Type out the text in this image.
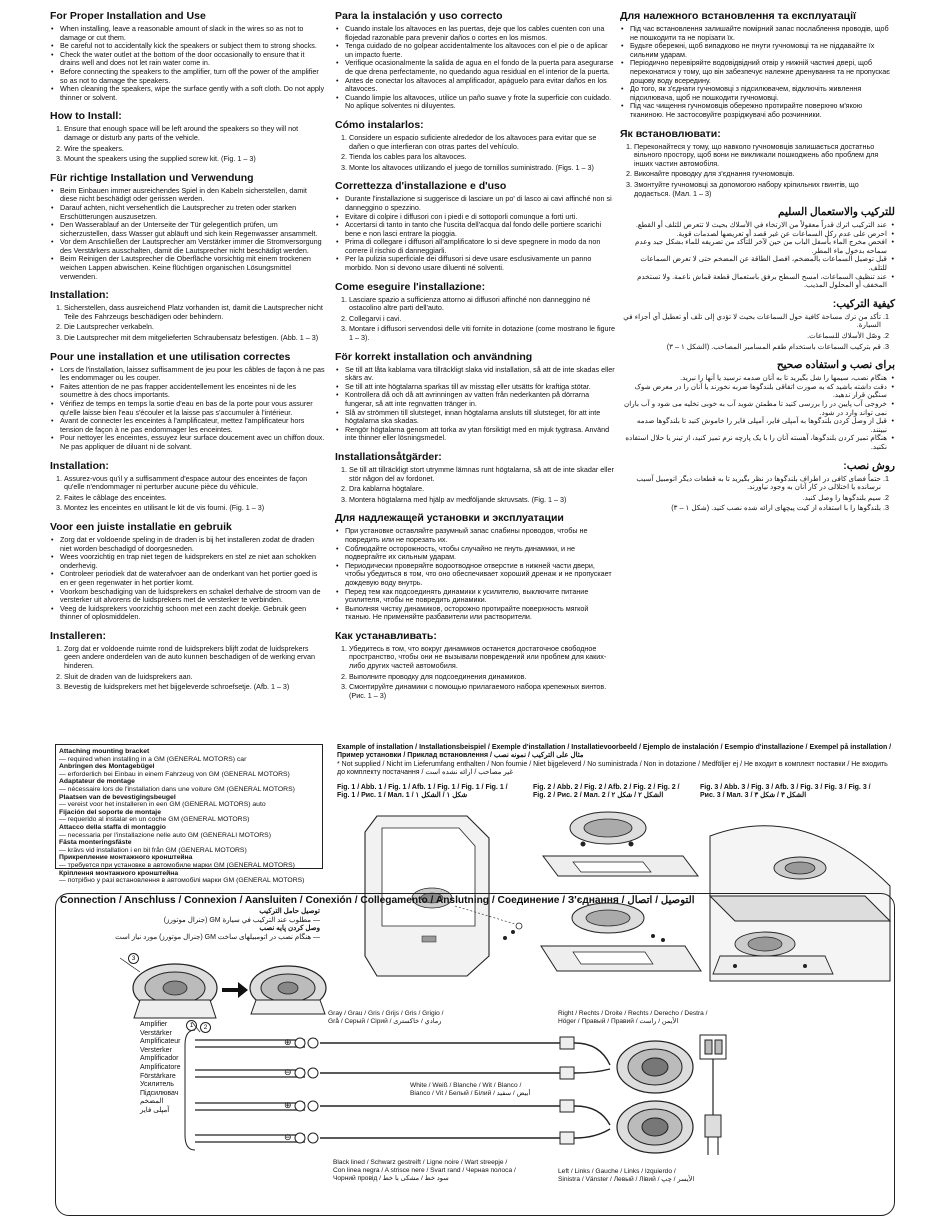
For Proper Installation and Use
• When installing, leave a reasonable amount of slack in the wires so as not to damage or cut them.
• Be careful not to accidentally kick the speakers or subject them to strong shocks.
• Check the water outlet at the bottom of the door occasionally to ensure that it drains well and does not let rain water come in.
• Before connecting the speakers to the amplifier, turn off the power of the amplifier so as not to damage the speakers.
• When cleaning the speakers, wipe the surface gently with a soft cloth. Do not apply thinner or solvent.
How to Install:
1. Ensure that enough space will be left around the speakers so they will not damage or disturb any parts of the vehicle.
2. Wire the speakers.
3. Mount the speakers using the supplied screw kit. (Fig. 1 – 3)
Für richtige Installation und Verwendung
• Beim Einbauen immer ausreichendes Spiel in den Kabeln sicherstellen, damit diese nicht beschädigt oder gerissen werden.
• Darauf achten, nicht versehentlich die Lautsprecher zu treten oder starken Erschütterungen auszusetzen.
• Den Wasserablauf an der Unterseite der Tür gelegentlich prüfen, um sicherzustellen, dass Wasser gut abläuft und sich kein Regenwasser ansammelt.
• Vor dem Anschließen der Lautsprecher am Verstärker immer die Stromversorgung des Verstärkers ausschalten, damit die Lautsprecher nicht beschädigt werden.
• Beim Reinigen der Lautsprecher die Oberfläche vorsichtig mit einem trockenen weichen Lappen abwischen. Keine flüchtigen organischen Lösungsmittel verwenden.
Installation:
1. Sicherstellen, dass ausreichend Platz vorhanden ist, damit die Lautsprecher nicht Teile des Fahrzeugs beschädigen oder behindern.
2. Die Lautsprecher verkabeln.
3. Die Lautsprecher mit dem mitgelieferten Schraubensatz befestigen. (Abb. 1 – 3)
Pour une installation et une utilisation correctes
• Lors de l'installation, laissez suffisamment de jeu pour les câbles de façon à ne pas les endommager ou les couper.
• Faites attention de ne pas frapper accidentellement les enceintes ni de les soumettre à des chocs importants.
• Vérifiez de temps en temps la sortie d'eau en bas de la porte pour vous assurer qu'elle laisse bien l'eau s'écouler et la laisse pas s'accumuler à l'intérieur.
• Avant de connecter les enceintes à l'amplificateur, mettez l'amplificateur hors tension de façon à ne pas endommager les enceintes.
• Pour nettoyer les enceintes, essuyez leur surface doucement avec un chiffon doux. Ne pas appliquer de diluant ni de solvant.
Installation:
1. Assurez-vous qu'il y a suffisamment d'espace autour des enceintes de façon qu'elle n'endommager ni perturber aucune pièce du véhicule.
2. Faites le câblage des enceintes.
3. Montez les enceintes en utilisant le kit de vis fourni. (Fig. 1 – 3)
Voor een juiste installatie en gebruik
• Zorg dat er voldoende speling in de draden is bij het installeren zodat de draden niet worden beschadigd of doorgesneden.
• Wees voorzichtig en trap niet tegen de luidsprekers en stel ze niet aan schokken onderhevig.
• Controleer periodiek dat de waterafvoer aan de onderkant van het portier goed is en er geen regenwater in het portier komt.
• Voorkom beschadiging van de luidsprekers en schakel derhalve de stroom van de versterker uit alvorens de luidsprekers met de versterker te verbinden.
• Veeg de luidsprekers voorzichtig schoon met een zacht doekje. Gebruik geen thinner of oplosmiddelen.
Installeren:
1. Zorg dat er voldoende ruimte rond de luidsprekers blijft zodat de luidsprekers geen andere onderdelen van de auto kunnen beschadigen of de werking ervan hinderen.
2. Sluit de draden van de luidsprekers aan.
3. Bevestig de luidsprekers met het bijgeleverde schroefsetje. (Afb. 1 – 3)
Para la instalación y uso correcto
• Cuando instale los altavoces en las puertas, deje que los cables cuenten con una flojedad razonable para prevenir daños o cortes en los mismos.
• Tenga cuidado de no golpear accidentalmente los altavoces con el pie o de aplicar un impacto fuerte.
• Verifique ocasionalmente la salida de agua en el fondo de la puerta para asegurarse de que drena perfectamente, no quedando agua residual en el interior de la puerta.
• Antes de conectar los altavoces al amplificador, apáguelo para evitar daños en los altavoces.
• Cuando limpie los altavoces, utilice un paño suave y frote la superficie con cuidado. No aplique solventes ni diluyentes.
Cómo instalarlos:
1. Considere un espacio suficiente alrededor de los altavoces para evitar que se dañen o que interfieran con otras partes del vehículo.
2. Tienda los cables para los altavoces.
3. Monte los altavoces utilizando el juego de tornillos suministrado. (Figs. 1 – 3)
Correttezza d'installazione e d'uso
• Durante l'installazione si suggerisce di lasciare un po' di lasco ai cavi affinché non si danneggino o spezzino.
• Evitare di colpire i diffusori con i piedi e di sottoporli comunque a forti urti.
• Accertarsi di tanto in tanto che l'uscita dell'acqua dal fondo delle portiere scarichi bene e non lasci entrare la pioggia.
• Prima di collegare i diffusori all'amplificatore lo si deve spegnere in modo da non correre il rischio di danneggiarli.
• Per la pulizia superficiale dei diffusori si deve usare esclusivamente un panno morbido. Non si devono usare diluenti né solventi.
Come eseguire l'installazione:
1. Lasciare spazio a sufficienza attorno ai diffusori affinché non danneggino né ostacolino altre parti dell'auto.
2. Collegarvi i cavi.
3. Montare i diffusori servendosi delle viti fornite in dotazione (come mostrano le figure 1 – 3).
För korrekt installation och användning
• Se till att låta kablarna vara tillräckligt slaka vid installation, så att de inte skadas eller skärs av.
• Se till att inte högtalarna sparkas till av misstag eller utsätts för kraftiga stötar.
• Kontrollera då och då att avrinningen av vatten från nederkanten på dörrarna fungerar, så att inte regnvatten tränger in.
• Slå av strömmen till slutsteget, innan högtalarna ansluts till slutsteget, för att inte högtalarna ska skadas.
• Rengör högtalarna genom att torka av ytan försiktigt med en mjuk tygtrasa. Använd inte thinner eller lösningsmedel.
Installationsåtgärder:
1. Se till att tillräckligt stort utrymme lämnas runt högtalarna, så att de inte skadar eller stör någon del av fordonet.
2. Dra kablarna högtalare.
3. Montera högtalarna med hjälp av medföljande skruvsats. (Fig. 1 – 3)
Для надлежащей установки и эксплуатации
• При установке оставляйте разумный запас слабины проводов, чтобы не повредить или не порезать их.
• Соблюдайте осторожность, чтобы случайно не пнуть динамики, и не подвергайте их сильным ударам.
• Периодически проверяйте водоотводное отверстие в нижней части двери, чтобы убедиться в том, что оно обеспечивает хороший дренаж и не пропускает дождевую воду внутрь.
• Перед тем как подсоединять динамики к усилителю, выключите питание усилителя, чтобы не повредить динамики.
• Выполняя чистку динамиков, осторожно протирайте поверхность мягкой тканью. Не применяйте разбавители или растворители.
Как устанавливать:
1. Убедитесь в том, что вокруг динамиков останется достаточное свободное пространство, чтобы они не вызывали повреждений или проблем для каких-либо других частей автомобиля.
2. Выполните проводку для подсоединения динамиков.
3. Смонтируйте динамики с помощью прилагаемого набора крепежных винтов. (Рис. 1 – 3)
Для належного встановлення та експлуатації
• Під час встановлення залишайте помірний запас послаблення проводів, щоб не пошкодити та не порізати їх.
• Будьте обережні, щоб випадково не пнути гучномовці та не піддавайте їх сильним ударам.
• Періодично перевіряйте водовідвідний отвір у нижній частині двері, щоб переконатися у тому, що він забезпечує належне дренування та не пропускає дощову воду всередину.
• До того, як з'єднати гучномовці з підсилювачем, відключіть живлення підсилювача, щоб не пошкодити гучномовці.
• Під час чищення гучномовців обережно протирайте поверхню м'якою тканиною. Не застосовуйте розріджувачі або розчинники.
Як встановлювати:
1. Переконайтеся у тому, що навколо гучномовців залишається достатньо вільного простору, щоб вони не викликали пошкоджень або проблем для інших частин автомобіля.
2. Виконайте проводку для з'єднання гучномовців.
3. Змонтуйте гучномовці за допомогою набору кріпильних гвинтів, що додається. (Мал. 1 – 3)
للتركيب والاستعمال السليم
• عند التركيب اترك قدراً معقولاً من الارتخاء في الأسلاك بحيث لا تتعرض للتلف أو القطع.
• احرص على عدم ركل السماعات عن غير قصد أو تعريضها لصدمات قوية.
• افحص مخرج الماء بأسفل الباب من حين لآخر للتأكد من تصريفه للماء بشكل جيد وعدم سماحه بدخول ماء المطر.
• قبل توصيل السماعات بالمضخم، افصل الطاقة عن المضخم حتى لا تعرض السماعات للتلف.
• عند تنظيف السماعات، امسح السطح برفق باستعمال قطعة قماش ناعمة. ولا تستخدم المخفف أو المحلول المذيب.
كيفية التركيب:
1. تأكد من ترك مساحة كافية حول السماعات بحيث لا تؤدي إلى تلف أو تعطيل أي أجزاء في السيارة.
2. وصّل الأسلاك للسماعات.
3. قم بتركيب السماعات باستخدام طقم المسامير المصاحب. (الشكل ١ – ٣)
برای نصب و استفاده صحیح
• هنگام نصب، سیمها را شل بگیرید تا به آنان صدمه نرسید یا آنها را نبرید.
• دقت داشته باشید که به صورت اتفاقی بلندگوها ضربه نخورند یا آنان را در معرض شوک سنگین قرار ندهید.
• خروجی آب پایین در را بررسی کنید تا مطمئن شوید آب به خوبی تخلیه می شود و آب باران نمی تواند وارد در شود.
• قبل از وصل کردن بلندگوها به آمپلی فایر، آمپلی فایر را خاموش کنید تا بلندگوها صدمه نبینند.
• هنگام تمیز کردن بلندگوها، آهسته آنان را با یک پارچه نرم تمیز کنید، از تینر یا حلال استفاده نکنید.
روش نصب:
1. حتماً فضای کافی در اطراف بلندگوها در نظر بگیرید تا به قطعات دیگر اتومبیل آسیب نرسانده یا اختلالی در کار آنان به وجود نیاورند.
2. سیم بلندگوها را وصل کنید.
3. بلندگوها را با استفاده از کیت پیچهای ارائه شده نصب کنید. (شکل ۱ – ۳)
Attaching mounting bracket
— required when installing in a GM (GENERAL MOTORS) car
Anbringen des Montagebügel
— erforderlich bei Einbau in einem Fahrzeug von GM (GENERAL MOTORS)
Adaptateur de montage
— nécessaire lors de l'installation dans une voiture GM (GENERAL MOTORS)
Plaatsen van de bevestigingsbeugel
— vereist voor het installeren in een GM (GENERAL MOTORS) auto
Fijación del soporte de montaje
— requerido al instalar en un coche GM (GENERAL MOTORS)
Attacco della staffa di montaggio
— necessaria per l'installazione nelle auto GM (GENERALI MOTORS)
Fästa monteringsfäste
— krävs vid installation i en bil från GM (GENERAL MOTORS)
Прикрепление монтажного кронштейна
— требуется при установке в автомобиле марки GM (GENERAL MOTORS)
Кріплення монтажного кронштейна
— потрібно у разі встановлення в автомобілі марки GM (GENERAL MOTORS)
توصيل حامل التركيب
— مطلوب عند التركيب في سيارة GM (جنرال موتورز)
وصل كردن پایه نصب
— هنگام نصب در اتومبیلهای ساخت GM (جنرال موتورز) مورد نیاز است
3
1	2
Example of installation / Installationsbeispiel / Exemple d'installation / Installatievoorbeeld / Ejemplo de instalación / Esempio d'installazione / Exempel på installation / Пример установки / Приклад встановлення / مثال على التركيب / نمونه نصب
* Not supplied / Nicht im Lieferumfang enthalten / Non fournie / Niet bijgeleverd / No suministrada / Non in dotazione / Medföljer ej / Не входит в комплект поставки / Не входить до комплекту постачання / غير مصاحب / ارائه نشده است
Fig. 1 / Abb. 1 / Fig. 1 / Afb. 1 / Fig. 1 / Fig. 1 / Fig. 1 /
Fig. 1 / Рис. 1 / Мал. 1 / شکل ۱ / الشكل ۱
Fig. 2 / Abb. 2 / Fig. 2 / Afb. 2 / Fig. 2 / Fig. 2 /
Fig. 2 / Рис. 2 / Мал. 2 / الشكل ۲ / شکل ۲
Fig. 3 / Abb. 3 / Fig. 3 / Afb. 3 / Fig. 3 / Fig. 3 / Fig. 3 /
Рис. 3 / Мал. 3 / الشكل ۳ / شکل ۳
Connection / Anschluss / Connexion / Aansluiten / Conexión / Collegamento / Anslutning / Соединение / З'єднання / التوصيل / اتصال
Gray / Grau / Gris / Grijs / Gris / Grigio /
Grå / Серый / Сірий / رمادي / خاکستری
White / Weiß / Blanche / Wit / Blanco /
Bianco / Vit / Белый / Білий / أبيض / سفید
Black lined / Schwarz gestreift / Ligne noire / Wart streepje /
Con linea negra / A strisce nere / Svart rand / Черная полоса /
Чорний провід / سود خط / مشكى با خط
Right / Rechts / Droite / Rechts / Derecho / Destra /
Höger / Правый / Правий / الأيمن / راست
Left / Links / Gauche / Links / Izquierdo /
Sinistra / Vänster / Левый / Лівий / الأيسر / چپ
Amplifier
Verstärker
Amplificateur
Versterker
Amplificador
Amplificatore
Förstärkare
Усилитель
Підсилювач
المضخم
آمپلی فایر
⊕
⊖
⊕
⊖
